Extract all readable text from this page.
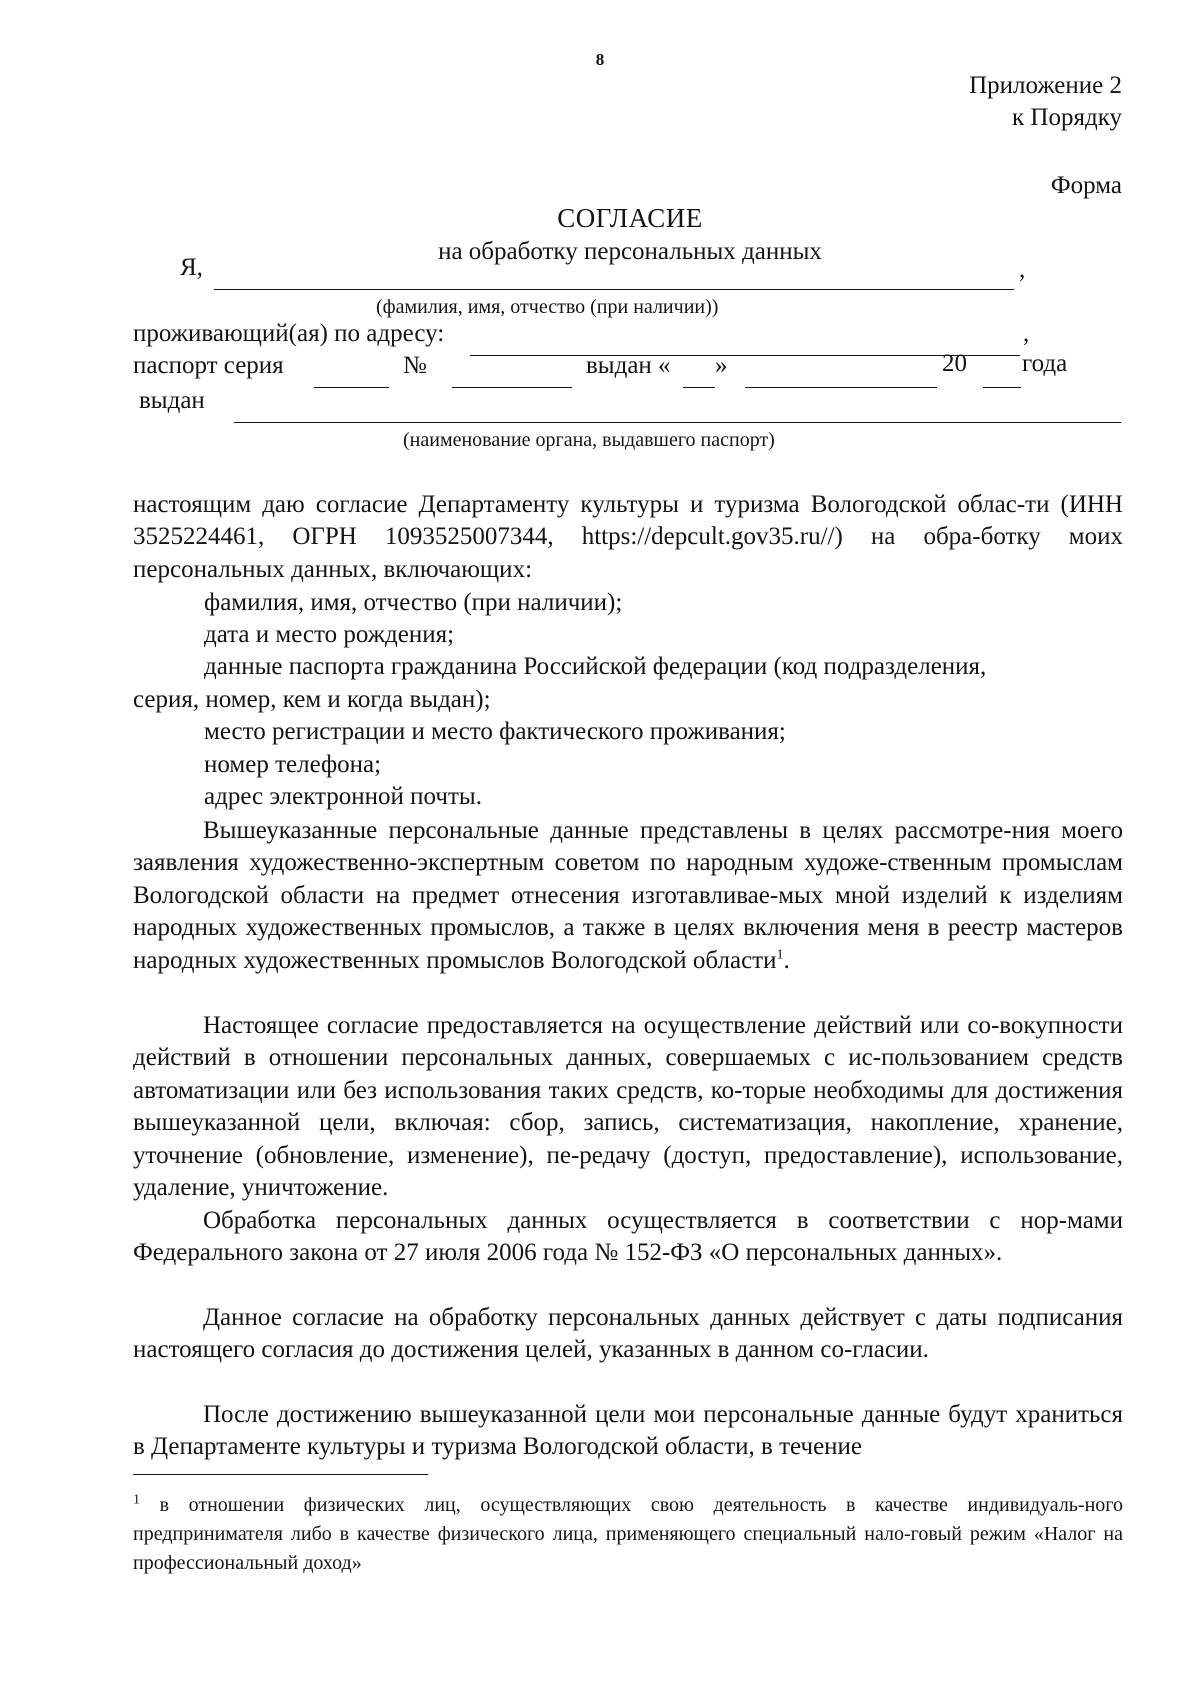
8
Приложение 2
к Порядку
Форма
СОГЛАСИЕ
на обработку персональных данных
Я,	,
(фамилия, имя, отчество (при наличии))
проживающий(ая) по адресу:	,
паспорт серия	№	выдан « »	20 года
выдан
(наименование органа, выдавшего паспорт)
настоящим даю согласие Департаменту культуры и туризма Вологодской облас-ти (ИНН 3525224461, ОГРН 1093525007344, https://depcult.gov35.ru//) на обра-ботку моих персональных данных, включающих:
фамилия, имя, отчество (при наличии);
дата и место рождения;
данные паспорта гражданина Российской федерации (код подразделения,
серия, номер, кем и когда выдан);
место регистрации и место фактического проживания;
номер телефона;
адрес электронной почты.
Вышеуказанные персональные данные представлены в целях рассмотре-ния моего заявления художественно-экспертным советом по народным художе-ственным промыслам Вологодской области на предмет отнесения изготавливае-мых мной изделий к изделиям народных художественных промыслов, а также в целях включения меня в реестр мастеров народных художественных промыслов Вологодской области$^1$.
Настоящее согласие предоставляется на осуществление действий или со-вокупности действий в отношении персональных данных, совершаемых с ис-пользованием средств автоматизации или без использования таких средств, ко-торые необходимы для достижения вышеуказанной цели, включая: сбор, запись, систематизация, накопление, хранение, уточнение (обновление, изменение), пе-редачу (доступ, предоставление), использование, удаление, уничтожение.
Обработка персональных данных осуществляется в соответствии с нор-мами Федерального закона от 27 июля 2006 года № 152-ФЗ «О персональных данных».
Данное согласие на обработку персональных данных действует с даты подписания настоящего согласия до достижения целей, указанных в данном со-гласии.
После достижению вышеуказанной цели мои персональные данные будут храниться в Департаменте культуры и туризма Вологодской области, в течение
$^1$ в отношении физических лиц, осуществляющих свою деятельность в качестве индивидуаль-ного предпринимателя либо в качестве физического лица, применяющего специальный нало-говый режим «Налог на профессиональный доход»
